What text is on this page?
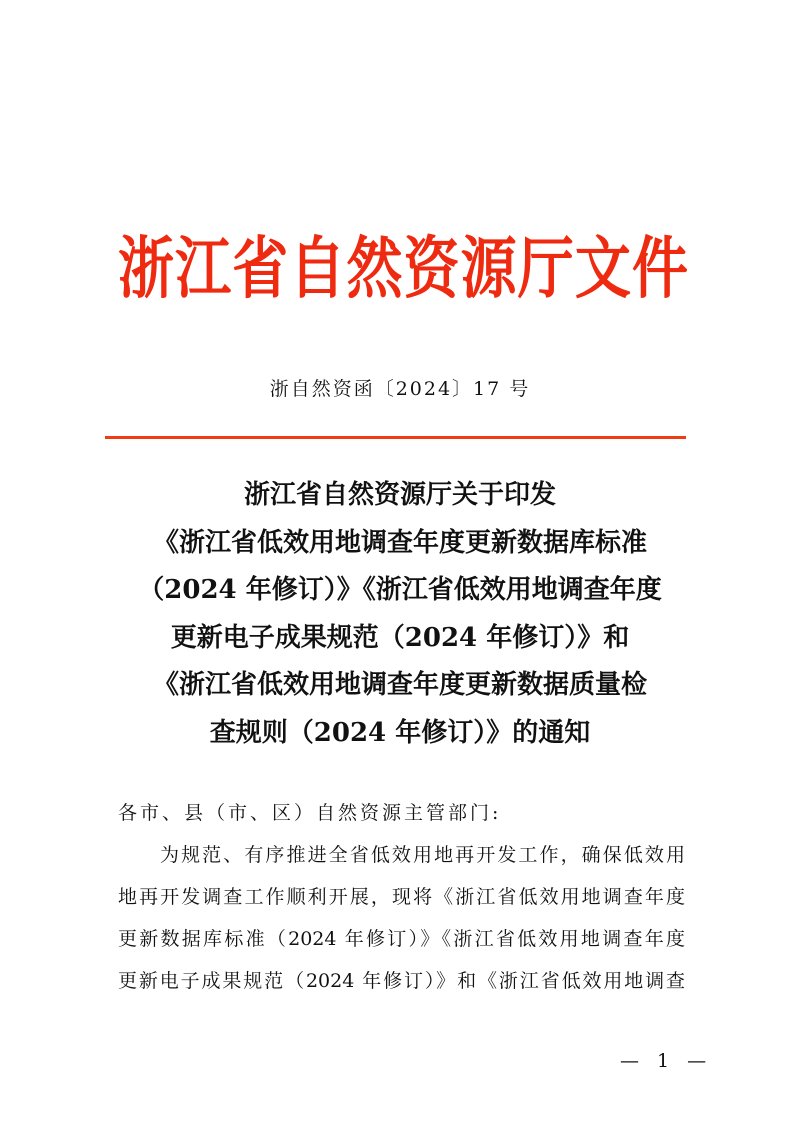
浙江省自然资源厅文件
浙自然资函〔2024〕17 号
浙江省自然资源厅关于印发
《浙江省低效用地调查年度更新数据库标准
（2024 年修订）》《浙江省低效用地调查年度
更新电子成果规范（2024 年修订）》和
《浙江省低效用地调查年度更新数据质量检
查规则（2024 年修订）》的通知
各市、县（市、区）自然资源主管部门:
为规范、有序推进全省低效用地再开发工作，确保低效用
地再开发调查工作顺利开展，现将《浙江省低效用地调查年度
更新数据库标准（2024 年修订）》《浙江省低效用地调查年度
更新电子成果规范（2024 年修订）》和《浙江省低效用地调查
— 1 —
